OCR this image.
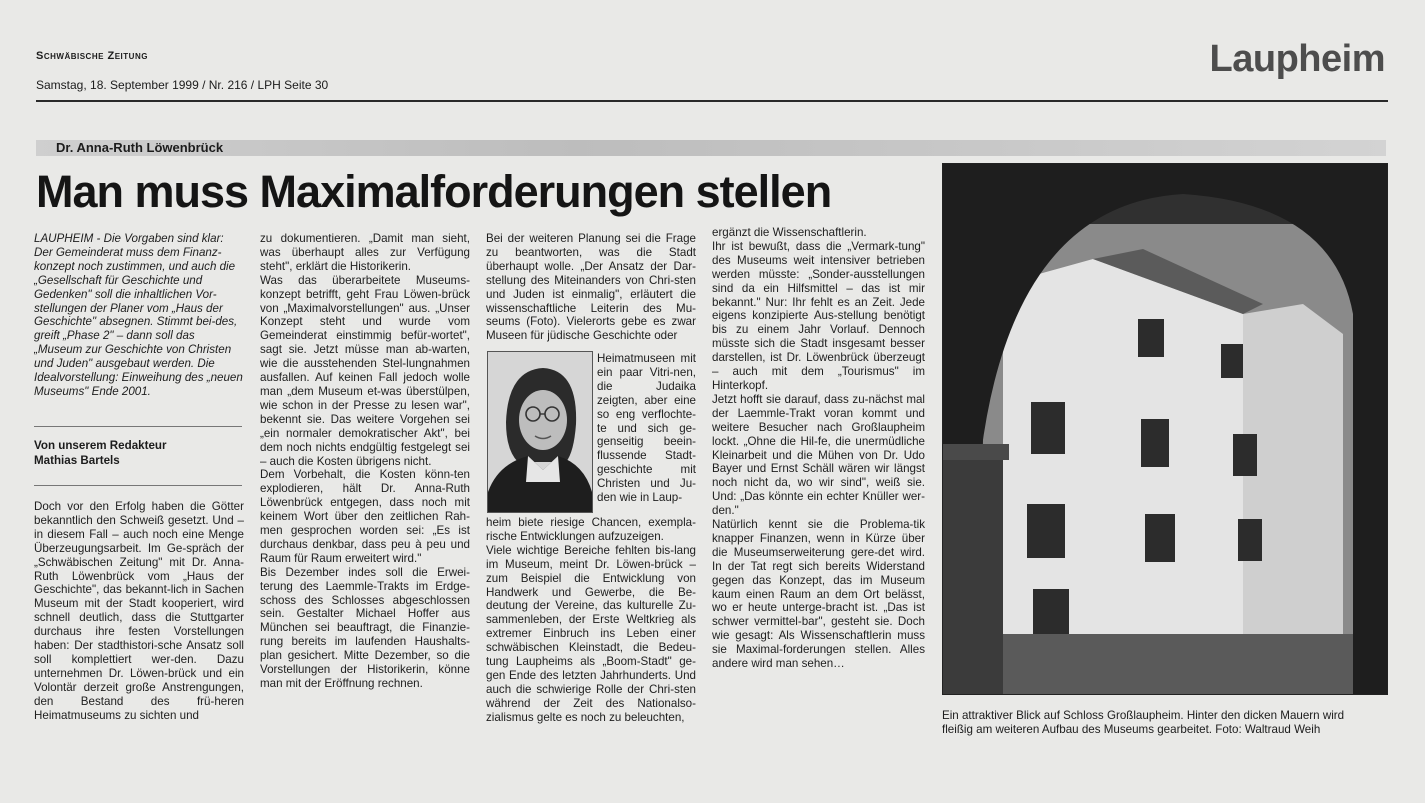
Schwäbische Zeitung
Samstag, 18. September 1999 / Nr. 216 / LPH Seite 30
Laupheim
Dr. Anna-Ruth Löwenbrück
Man muss Maximalforderungen stellen
LAUPHEIM - Die Vorgaben sind klar: Der Gemeinderat muss dem Finanz-konzept noch zustimmen, und auch die „Gesellschaft für Geschichte und Gedenken" soll die inhaltlichen Vor-stellungen der Planer vom „Haus der Geschichte" absegnen. Stimmt bei-des, greift „Phase 2" – dann soll das „Museum zur Geschichte von Christen und Juden" ausgebaut werden. Die Idealvorstellung: Einweihung des „neuen Museums" Ende 2001.
Von unserem Redakteur
Mathias Bartels
Doch vor den Erfolg haben die Götter bekanntlich den Schweiß gesetzt. Und – in diesem Fall – auch noch eine Menge Überzeugungsarbeit. Im Ge-spräch der „Schwäbischen Zeitung" mit Dr. Anna-Ruth Löwenbrück vom „Haus der Geschichte", das bekannt-lich in Sachen Museum mit der Stadt kooperiert, wird schnell deutlich, dass die Stuttgarter durchaus ihre festen Vorstellungen haben: Der stadthistori-sche Ansatz soll soll komplettiert wer-den. Dazu unternehmen Dr. Löwen-brück und ein Volontär derzeit große Anstrengungen, den Bestand des frü-heren Heimatmuseums zu sichten und
zu dokumentieren. „Damit man sieht, was überhaupt alles zur Verfügung steht", erklärt die Historikerin.
Was das überarbeitete Museums-konzept betrifft, geht Frau Löwen-brück von „Maximalvorstellungen" aus. „Unser Konzept steht und wurde vom Gemeinderat einstimmig befür-wortet", sagt sie. Jetzt müsse man ab-warten, wie die ausstehenden Stel-lungnahmen ausfallen. Auf keinen Fall jedoch wolle man „dem Museum et-was überstülpen, wie schon in der Presse zu lesen war", bekennt sie. Das weitere Vorgehen sei „ein normaler demokratischer Akt", bei dem noch nichts endgültig festgelegt sei – auch die Kosten übrigens nicht.
Dem Vorbehalt, die Kosten könn-ten explodieren, hält Dr. Anna-Ruth Löwenbrück entgegen, dass noch mit keinem Wort über den zeitlichen Rah-men gesprochen worden sei: „Es ist durchaus denkbar, dass peu à peu und Raum für Raum erweitert wird."
Bis Dezember indes soll die Erwei-terung des Laemmle-Trakts im Erdge-schoss des Schlosses abgeschlossen sein. Gestalter Michael Hoffer aus München sei beauftragt, die Finanzie-rung bereits im laufenden Haushalts-plan gesichert. Mitte Dezember, so die Vorstellungen der Historikerin, könne man mit der Eröffnung rechnen.
Bei der weiteren Planung sei die Frage zu beantworten, was die Stadt überhaupt wolle. „Der Ansatz der Dar-stellung des Miteinanders von Chri-sten und Juden ist einmalig", erläutert die wissenschaftliche Leiterin des Mu-seums (Foto). Vielerorts gebe es zwar Museen für jüdische Geschichte oder
Heimatmuseen mit ein paar Vitri-nen, die Judaika zeigten, aber eine so eng verflochte-te und sich ge-genseitig beein-flussende Stadt-geschichte mit Christen und Ju-den wie in Laup-
heim biete riesige Chancen, exempla-rische Entwicklungen aufzuzeigen.
Viele wichtige Bereiche fehlten bis-lang im Museum, meint Dr. Löwen-brück – zum Beispiel die Entwicklung von Handwerk und Gewerbe, die Be-deutung der Vereine, das kulturelle Zu-sammenleben, der Erste Weltkrieg als extremer Einbruch ins Leben einer schwäbischen Kleinstadt, die Bedeu-tung Laupheims als „Boom-Stadt" ge-gen Ende des letzten Jahrhunderts. Und auch die schwierige Rolle der Chri-sten während der Zeit des Nationalso-zialismus gelte es noch zu beleuchten,
ergänzt die Wissenschaftlerin.
Ihr ist bewußt, dass die „Vermark-tung" des Museums weit intensiver betrieben werden müsste: „Sonder-ausstellungen sind da ein Hilfsmittel – das ist mir bekannt." Nur: Ihr fehlt es an Zeit. Jede eigens konzipierte Aus-stellung benötigt bis zu einem Jahr Vorlauf. Dennoch müsste sich die Stadt insgesamt besser darstellen, ist Dr. Löwenbrück überzeugt – auch mit dem „Tourismus" im Hinterkopf.
Jetzt hofft sie darauf, dass zu-nächst mal der Laemmle-Trakt voran kommt und weitere Besucher nach Großlaupheim lockt. „Ohne die Hil-fe, die unermüdliche Kleinarbeit und die Mühen von Dr. Udo Bayer und Ernst Schäll wären wir längst noch nicht da, wo wir sind", weiß sie. Und: „Das könnte ein echter Knüller wer-den."
Natürlich kennt sie die Problema-tik knapper Finanzen, wenn in Kürze über die Museumserweiterung gere-det wird. In der Tat regt sich bereits Widerstand gegen das Konzept, das im Museum kaum einen Raum an dem Ort belässt, wo er heute unterge-bracht ist. „Das ist schwer vermittel-bar", gesteht sie. Doch wie gesagt: Als Wissenschaftlerin muss sie Maximal-forderungen stellen. Alles andere wird man sehen…
Ein attraktiver Blick auf Schloss Großlaupheim. Hinter den dicken Mauern wird
fleißig am weiteren Aufbau des Museums gearbeitet. Foto: Waltraud Weih
